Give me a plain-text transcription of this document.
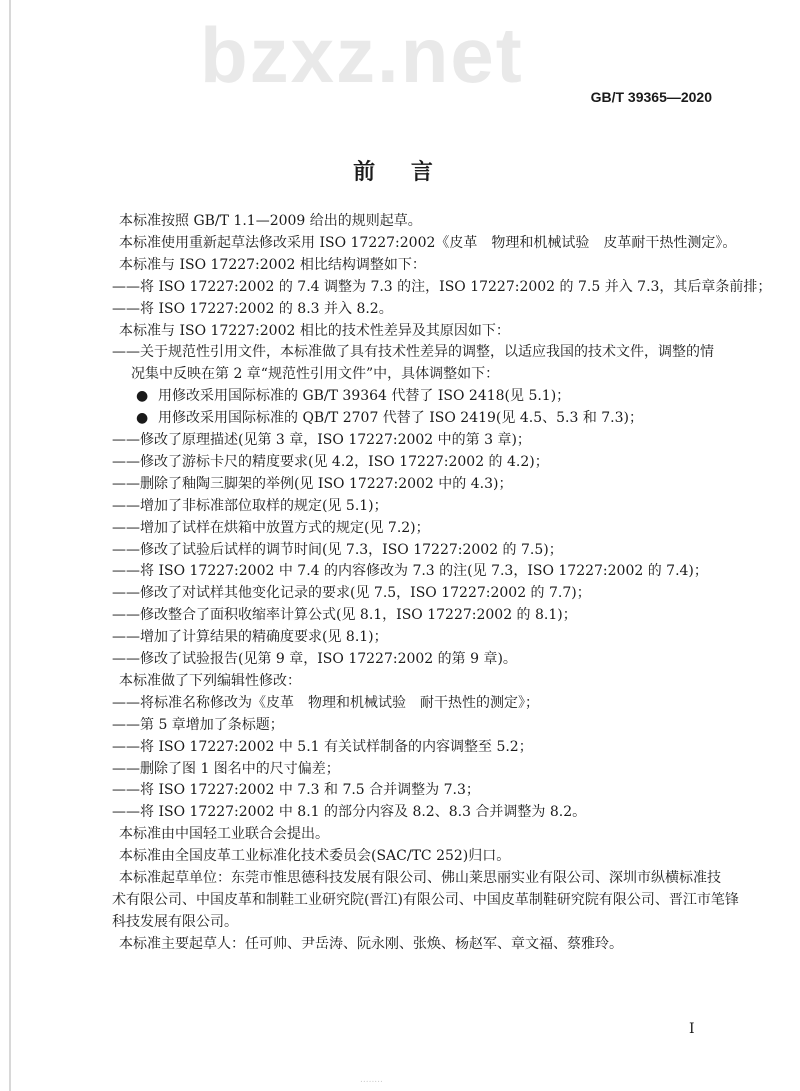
bzxz.net	GB/T 39365—2020
前 言
本标准按照 GB/T 1.1—2009 给出的规则起草。
本标准使用重新起草法修改采用 ISO 17227:2002《皮革　物理和机械试验　皮革耐干热性测定》。
本标准与 ISO 17227:2002 相比结构调整如下：
——将 ISO 17227:2002 的 7.4 调整为 7.3 的注，ISO 17227:2002 的 7.5 并入 7.3，其后章条前排；
——将 ISO 17227:2002 的 8.3 并入 8.2。
本标准与 ISO 17227:2002 相比的技术性差异及其原因如下：
——关于规范性引用文件，本标准做了具有技术性差异的调整，以适应我国的技术文件，调整的情
况集中反映在第 2 章“规范性引用文件”中，具体调整如下：
● 用修改采用国际标准的 GB/T 39364 代替了 ISO 2418(见 5.1)；
● 用修改采用国际标准的 QB/T 2707 代替了 ISO 2419(见 4.5、5.3 和 7.3)；
——修改了原理描述(见第 3 章，ISO 17227:2002 中的第 3 章)；
——修改了游标卡尺的精度要求(见 4.2，ISO 17227:2002 的 4.2)；
——删除了釉陶三脚架的举例(见 ISO 17227:2002 中的 4.3)；
——增加了非标准部位取样的规定(见 5.1)；
——增加了试样在烘箱中放置方式的规定(见 7.2)；
——修改了试验后试样的调节时间(见 7.3，ISO 17227:2002 的 7.5)；
——将 ISO 17227:2002 中 7.4 的内容修改为 7.3 的注(见 7.3，ISO 17227:2002 的 7.4)；
——修改了对试样其他变化记录的要求(见 7.5，ISO 17227:2002 的 7.7)；
——修改整合了面积收缩率计算公式(见 8.1，ISO 17227:2002 的 8.1)；
——增加了计算结果的精确度要求(见 8.1)；
——修改了试验报告(见第 9 章，ISO 17227:2002 的第 9 章)。
本标准做了下列编辑性修改：
——将标准名称修改为《皮革　物理和机械试验　耐干热性的测定》；
——第 5 章增加了条标题；
——将 ISO 17227:2002 中 5.1 有关试样制备的内容调整至 5.2；
——删除了图 1 图名中的尺寸偏差；
——将 ISO 17227:2002 中 7.3 和 7.5 合并调整为 7.3；
——将 ISO 17227:2002 中 8.1 的部分内容及 8.2、8.3 合并调整为 8.2。
本标准由中国轻工业联合会提出。
本标准由全国皮革工业标准化技术委员会(SAC/TC 252)归口。
本标准起草单位：东莞市惟思德科技发展有限公司、佛山莱思丽实业有限公司、深圳市纵横标准技
术有限公司、中国皮革和制鞋工业研究院(晋江)有限公司、中国皮革制鞋研究院有限公司、晋江市笔锋
科技发展有限公司。
本标准主要起草人：任可帅、尹岳涛、阮永刚、张焕、杨赵军、章文福、蔡雅玲。
I
........
